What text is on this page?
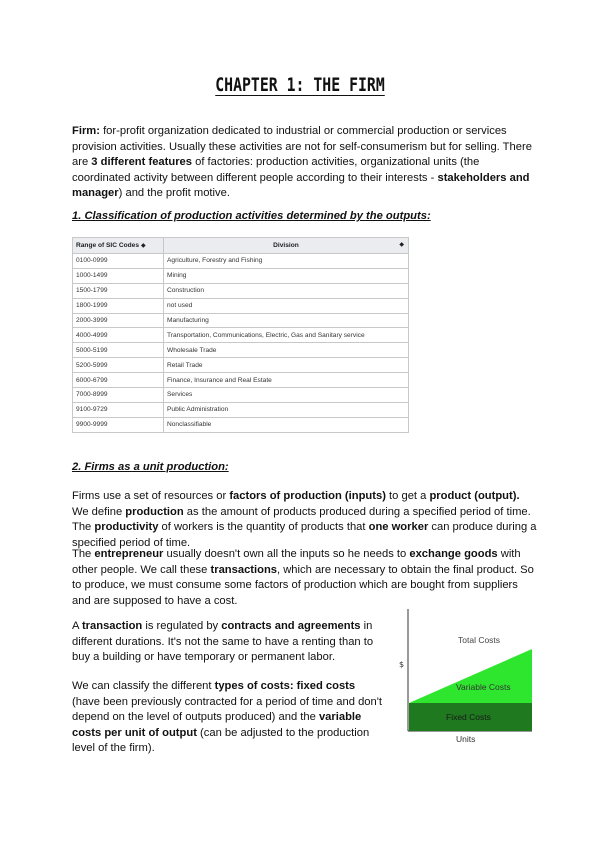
CHAPTER 1: THE FIRM
Firm: for-profit organization dedicated to industrial or commercial production or services provision activities. Usually these activities are not for self-consumerism but for selling. There are 3 different features of factories: production activities, organizational units (the coordinated activity between different people according to their interests - stakeholders and manager) and the profit motive.
1. Classification of production activities determined by the outputs:
Range of SIC Codes ◆	Division ◆

0100-0999	Agriculture, Forestry and Fishing
1000-1499	Mining
1500-1799	Construction
1800-1999	not used
2000-3999	Manufacturing
4000-4999	Transportation, Communications, Electric, Gas and Sanitary service
5000-5199	Wholesale Trade
5200-5999	Retail Trade
6000-6799	Finance, Insurance and Real Estate
7000-8999	Services
9100-9729	Public Administration
9900-9999	Nonclassifiable
2. Firms as a unit production:
Firms use a set of resources or factors of production (inputs) to get a product (output). We define production as the amount of products produced during a specified period of time. The productivity of workers is the quantity of products that one worker can produce during a specified period of time.
The entrepreneur usually doesn't own all the inputs so he needs to exchange goods with other people. We call these transactions, which are necessary to obtain the final product. So to produce, we must consume some factors of production which are bought from suppliers and are supposed to have a cost.
A transaction is regulated by contracts and agreements in different durations. It's not the same to have a renting than to buy a building or have temporary or permanent labor.
We can classify the different types of costs: fixed costs (have been previously contracted for a period of time and don't depend on the level of outputs produced) and the variable costs per unit of output (can be adjusted to the production level of the firm).
$
Total Costs
Variable Costs
Fixed Costs
Units
